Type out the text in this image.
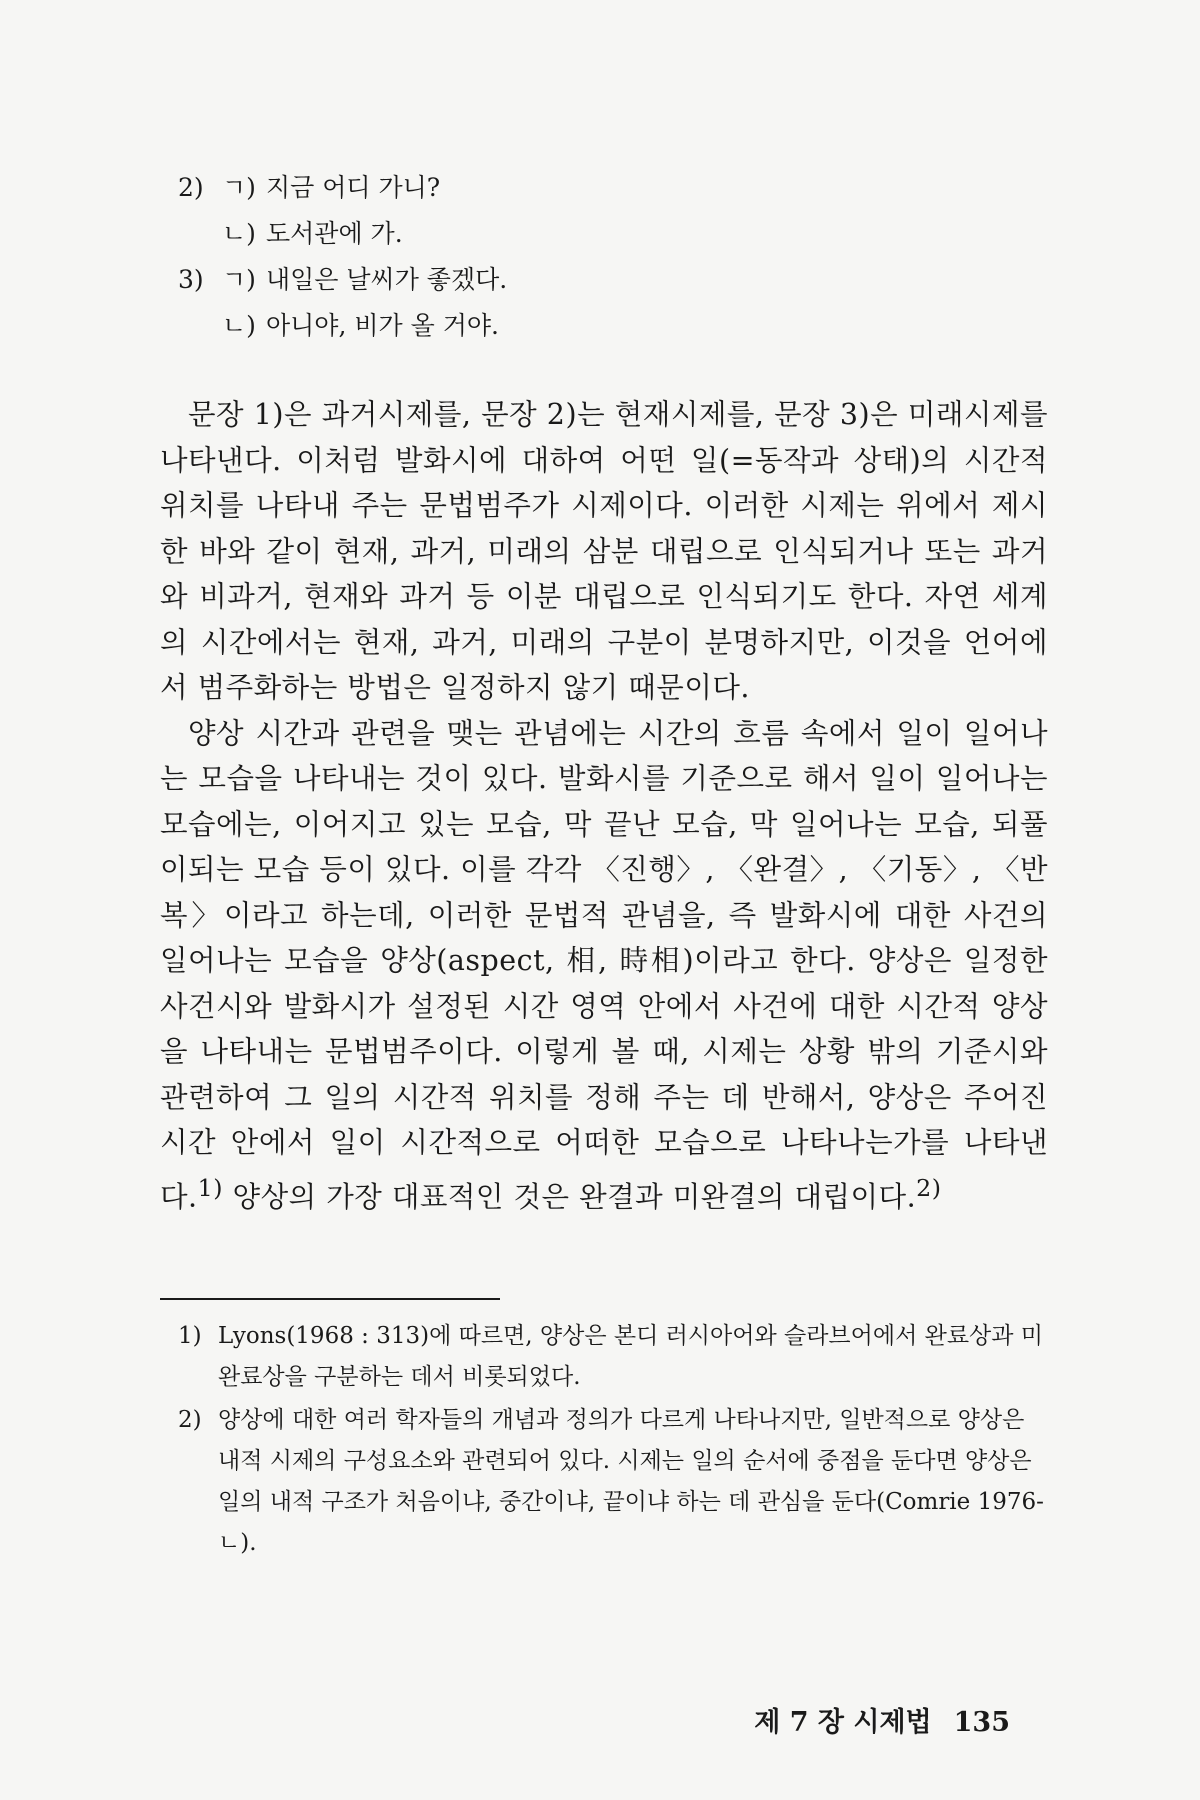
2) ㄱ) 지금 어디 가니?
ㄴ) 도서관에 가.
3) ㄱ) 내일은 날씨가 좋겠다.
ㄴ) 아니야, 비가 올 거야.

문장 1)은 과거시제를, 문장 2)는 현재시제를, 문장 3)은 미래시제를 나타낸다. 이처럼 발화시에 대하여 어떤 일(=동작과 상태)의 시간적 위치를 나타내 주는 문법범주가 시제이다. 이러한 시제는 위에서 제시한 바와 같이 현재, 과거, 미래의 삼분 대립으로 인식되거나 또는 과거와 비과거, 현재와 과거 등 이분 대립으로 인식되기도 한다. 자연 세계의 시간에서는 현재, 과거, 미래의 구분이 분명하지만, 이것을 언어에서 범주화하는 방법은 일정하지 않기 때문이다.

양상 시간과 관련을 맺는 관념에는 시간의 흐름 속에서 일이 일어나는 모습을 나타내는 것이 있다. 발화시를 기준으로 해서 일이 일어나는 모습에는, 이어지고 있는 모습, 막 끝난 모습, 막 일어나는 모습, 되풀이되는 모습 등이 있다. 이를 각각 〈진행〉, 〈완결〉, 〈기동〉, 〈반복〉이라고 하는데, 이러한 문법적 관념을, 즉 발화시에 대한 사건의 일어나는 모습을 양상(aspect, 相, 時相)이라고 한다. 양상은 일정한 사건시와 발화시가 설정된 시간 영역 안에서 사건에 대한 시간적 양상을 나타내는 문법범주이다. 이렇게 볼 때, 시제는 상황 밖의 기준시와 관련하여 그 일의 시간적 위치를 정해 주는 데 반해서, 양상은 주어진 시간 안에서 일이 시간적으로 어떠한 모습으로 나타나는가를 나타낸다.$^{1)}$ 양상의 가장 대표적인 것은 완결과 미완결의 대립이다.$^{2)}$

1) Lyons(1968 : 313)에 따르면, 양상은 본디 러시아어와 슬라브어에서 완료상과 미완료상을 구분하는 데서 비롯되었다.

2) 양상에 대한 여러 학자들의 개념과 정의가 다르게 나타나지만, 일반적으로 양상은 내적 시제의 구성요소와 관련되어 있다. 시제는 일의 순서에 중점을 둔다면 양상은 일의 내적 구조가 처음이냐, 중간이냐, 끝이냐 하는 데 관심을 둔다(Comrie 1976-ㄴ).

제 7 장 시제법 135
